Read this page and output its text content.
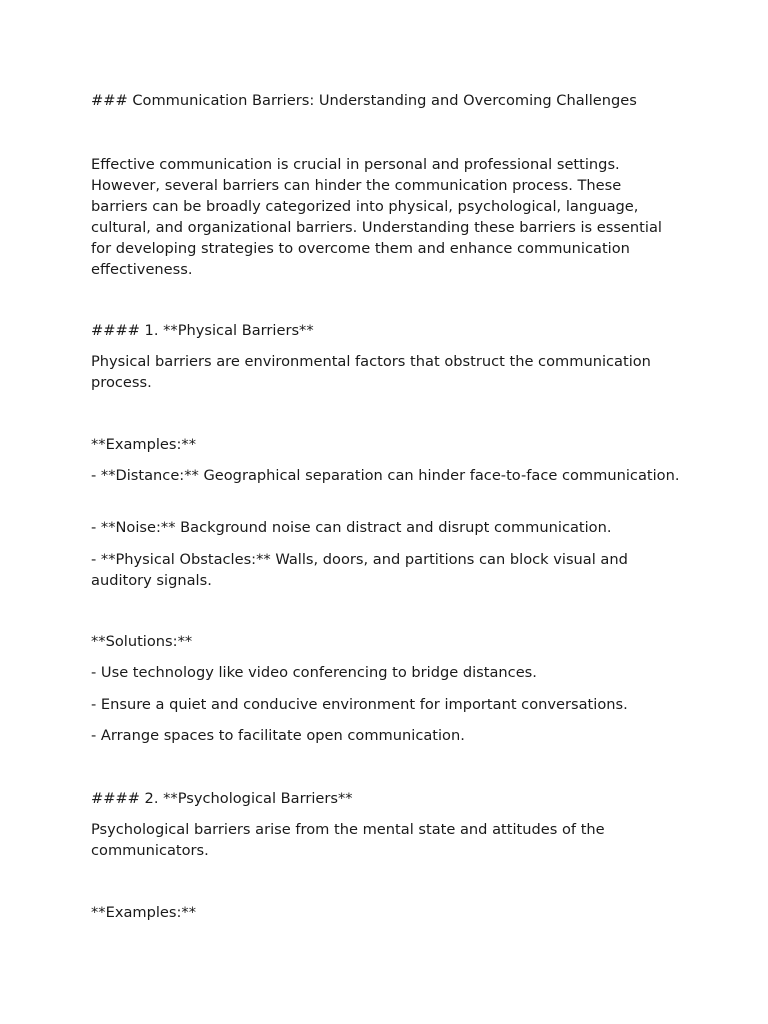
### Communication Barriers: Understanding and Overcoming Challenges

Effective communication is crucial in personal and professional settings. However, several barriers can hinder the communication process. These barriers can be broadly categorized into physical, psychological, language, cultural, and organizational barriers. Understanding these barriers is essential for developing strategies to overcome them and enhance communication effectiveness.

#### 1. **Physical Barriers**

Physical barriers are environmental factors that obstruct the communication process.

**Examples:**

- **Distance:** Geographical separation can hinder face-to-face communication.

- **Noise:** Background noise can distract and disrupt communication.

- **Physical Obstacles:** Walls, doors, and partitions can block visual and auditory signals.

**Solutions:**

- Use technology like video conferencing to bridge distances.

- Ensure a quiet and conducive environment for important conversations.

- Arrange spaces to facilitate open communication.

#### 2. **Psychological Barriers**

Psychological barriers arise from the mental state and attitudes of the communicators.

**Examples:**
